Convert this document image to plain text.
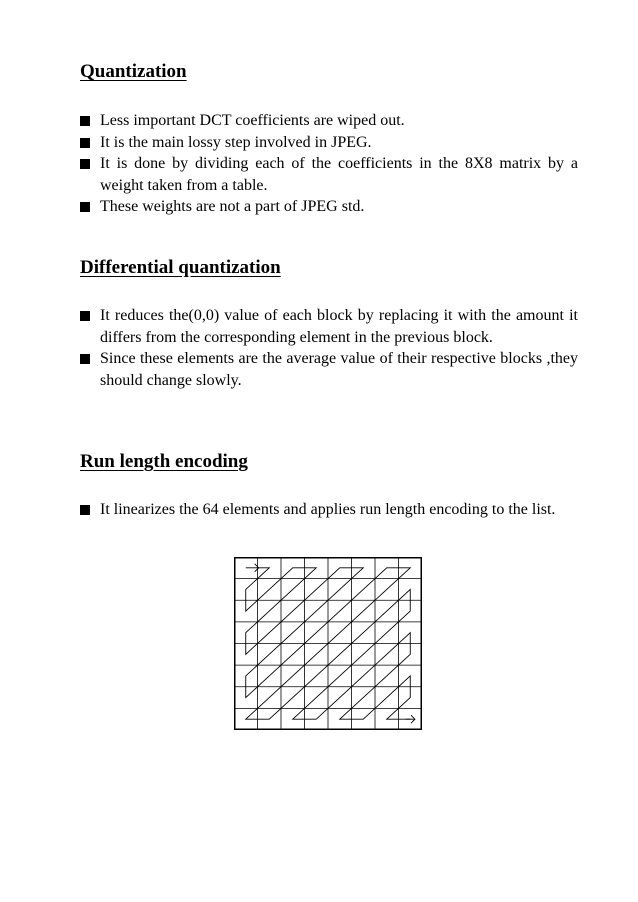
Quantization
Less important DCT coefficients are wiped out.
It is the main lossy step involved in JPEG.
It is done by dividing each of the coefficients in the 8X8 matrix by a weight taken from a table.
These weights are not a part of JPEG std.
Differential quantization
It reduces the(0,0) value of each block by replacing it with the amount it differs from the corresponding element in the previous block.
Since these elements are the average value of their respective blocks ,they should change slowly.
Run length encoding
It linearizes the 64 elements and applies run length encoding to the list.
